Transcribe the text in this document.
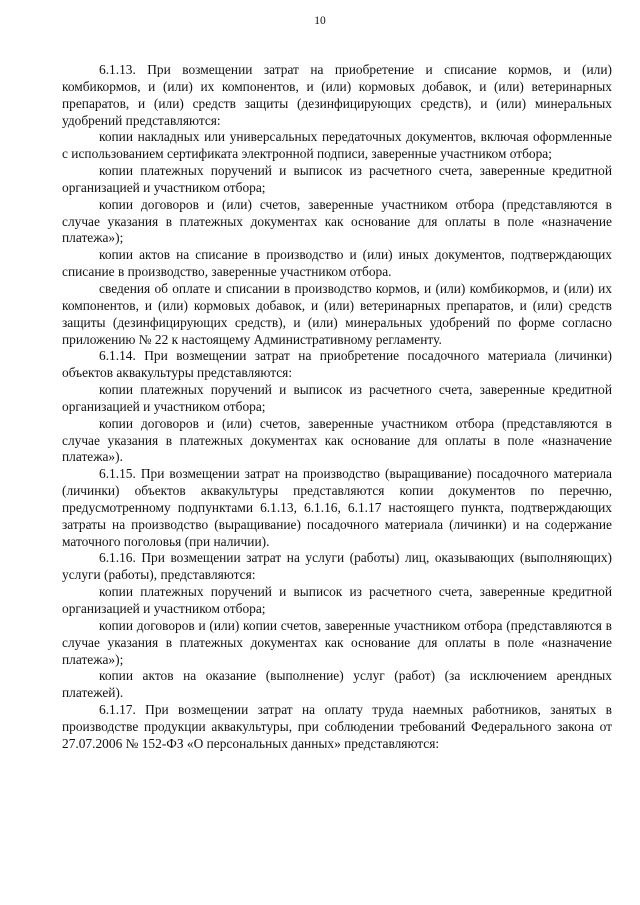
10

6.1.13. При возмещении затрат на приобретение и списание кормов, и (или) комбикормов, и (или) их компонентов, и (или) кормовых добавок, и (или) ветеринарных препаратов, и (или) средств защиты (дезинфицирующих средств), и (или) минеральных удобрений представляются:

копии накладных или универсальных передаточных документов, включая оформленные с использованием сертификата электронной подписи, заверенные участником отбора;

копии платежных поручений и выписок из расчетного счета, заверенные кредитной организацией и участником отбора;

копии договоров и (или) счетов, заверенные участником отбора (представляются в случае указания в платежных документах как основание для оплаты в поле «назначение платежа»);

копии актов на списание в производство и (или) иных документов, подтверждающих списание в производство, заверенные участником отбора.

сведения об оплате и списании в производство кормов, и (или) комбикормов, и (или) их компонентов, и (или) кормовых добавок, и (или) ветеринарных препаратов, и (или) средств защиты (дезинфицирующих средств), и (или) минеральных удобрений по форме согласно приложению № 22 к настоящему Административному регламенту.

6.1.14. При возмещении затрат на приобретение посадочного материала (личинки) объектов аквакультуры представляются:

копии платежных поручений и выписок из расчетного счета, заверенные кредитной организацией и участником отбора;

копии договоров и (или) счетов, заверенные участником отбора (представляются в случае указания в платежных документах как основание для оплаты в поле «назначение платежа»).

6.1.15. При возмещении затрат на производство (выращивание) посадочного материала (личинки) объектов аквакультуры представляются копии документов по перечню, предусмотренному подпунктами 6.1.13, 6.1.16, 6.1.17 настоящего пункта, подтверждающих затраты на производство (выращивание) посадочного материала (личинки) и на содержание маточного поголовья (при наличии).

6.1.16. При возмещении затрат на услуги (работы) лиц, оказывающих (выполняющих) услуги (работы), представляются:

копии платежных поручений и выписок из расчетного счета, заверенные кредитной организацией и участником отбора;

копии договоров и (или) копии счетов, заверенные участником отбора (представляются в случае указания в платежных документах как основание для оплаты в поле «назначение платежа»);

копии актов на оказание (выполнение) услуг (работ) (за исключением арендных платежей).

6.1.17. При возмещении затрат на оплату труда наемных работников, занятых в производстве продукции аквакультуры, при соблюдении требований Федерального закона от 27.07.2006 № 152-ФЗ «О персональных данных» представляются:
